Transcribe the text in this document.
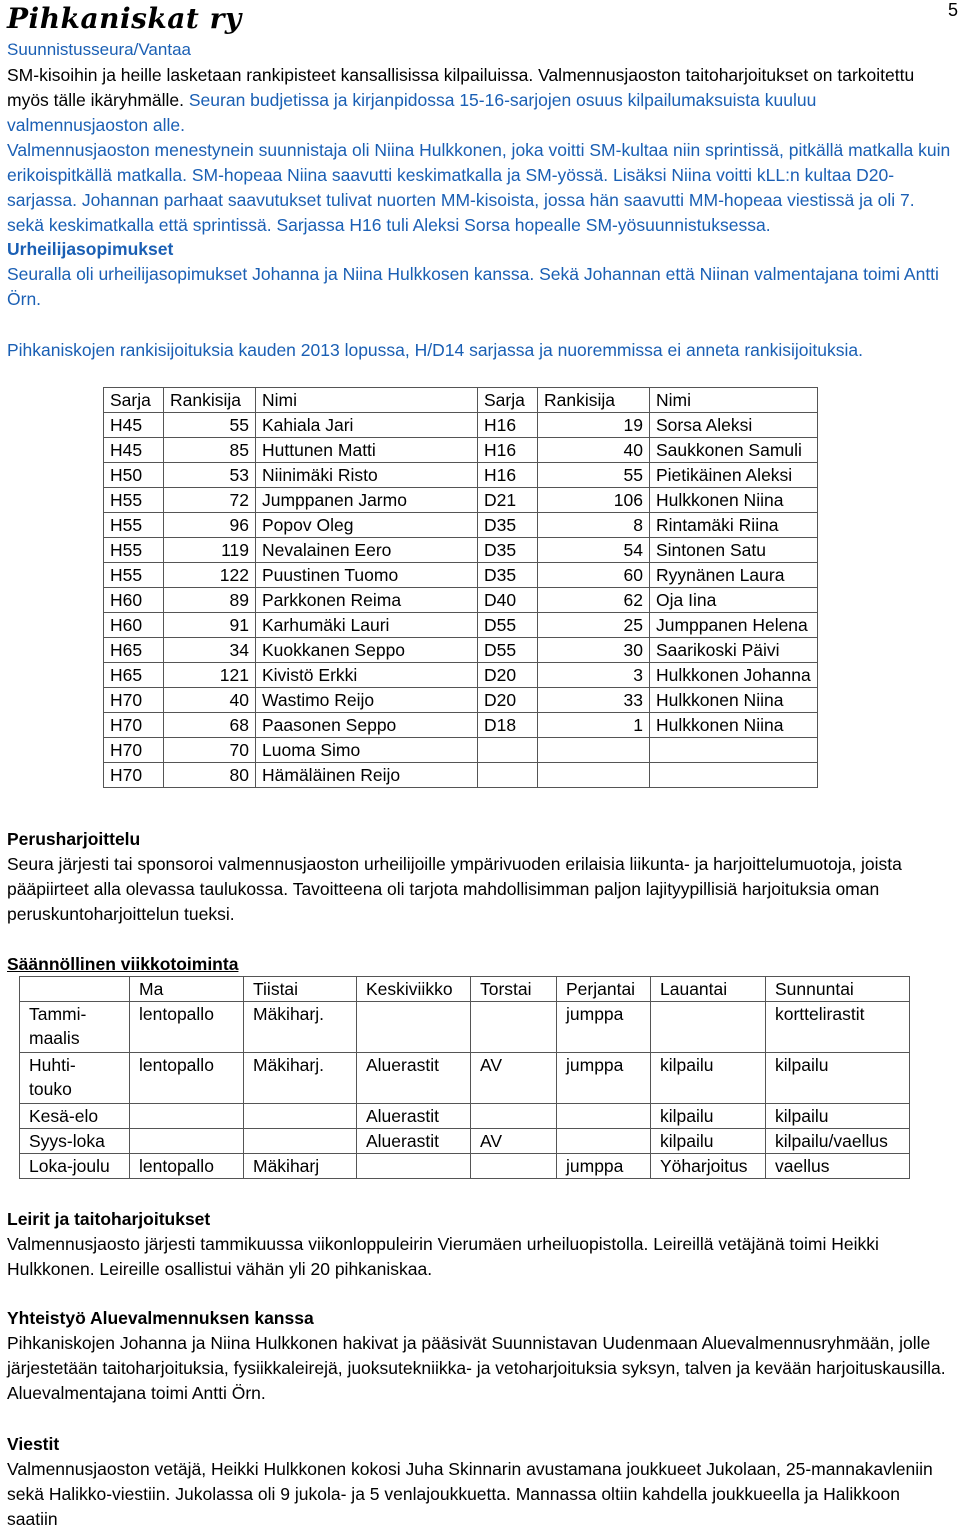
Pihkaniskat ry
Suunnistusseura/Vantaa
5

SM-kisoihin ja heille lasketaan rankipisteet kansallisissa kilpailuissa. Valmennusjaoston taitoharjoitukset on tarkoitettu myös tälle ikäryhmälle. Seuran budjetissa ja kirjanpidossa 15-16-sarjojen osuus kilpailumaksuista kuuluu valmennusjaoston alle.

Valmennusjaoston menestynein suunnistaja oli Niina Hulkkonen, joka voitti SM-kultaa niin sprintissä, pitkällä matkalla kuin erikoispitkällä matkalla. SM-hopeaa Niina saavutti keskimatkalla ja SM-yössä. Lisäksi Niina voitti kLL:n kultaa D20-sarjassa. Johannan parhaat saavutukset tulivat nuorten MM-kisoista, jossa hän saavutti MM-hopeaa viestissä ja oli 7. sekä keskimatkalla että sprintissä. Sarjassa H16 tuli Aleksi Sorsa hopealle SM-yösuunnistuksessa.

Urheilijasopimukset

Seuralla oli urheilijasopimukset Johanna ja Niina Hulkkosen kanssa. Sekä Johannan että Niinan valmentajana toimi Antti Örn.

Pihkaniskojen rankisijoituksia kauden 2013 lopussa, H/D14 sarjassa ja nuoremmissa ei anneta rankisijoituksia.
Sarja	Rankisija	Nimi	Sarja	Rankisija	Nimi
H45	55	Kahiala Jari	H16	19	Sorsa Aleksi
H45	85	Huttunen Matti	H16	40	Saukkonen Samuli
H50	53	Niinimäki Risto	H16	55	Pietikäinen Aleksi
H55	72	Jumppanen Jarmo	D21	106	Hulkkonen Niina
H55	96	Popov Oleg	D35	8	Rintamäki Riina
H55	119	Nevalainen Eero	D35	54	Sintonen Satu
H55	122	Puustinen Tuomo	D35	60	Ryynänen Laura
H60	89	Parkkonen Reima	D40	62	Oja Iina
H60	91	Karhumäki Lauri	D55	25	Jumppanen Helena
H65	34	Kuokkanen Seppo	D55	30	Saarikoski Päivi
H65	121	Kivistö Erkki	D20	3	Hulkkonen Johanna
H70	40	Wastimo Reijo	D20	33	Hulkkonen Niina
H70	68	Paasonen Seppo	D18	1	Hulkkonen Niina
H70	70	Luoma Simo			
H70	80	Hämäläinen Reijo			

Perusharjoittelu

Seura järjesti tai sponsoroi valmennusjaoston urheilijoille ympärivuoden erilaisia liikunta- ja harjoittelumuotoja, joista pääpiirteet alla olevassa taulukossa. Tavoitteena oli tarjota mahdollisimman paljon lajityypillisiä harjoituksia oman peruskuntoharjoittelun tueksi.

Säännöllinen viikkotoiminta

	Ma	Tiistai	Keskiviikko	Torstai	Perjantai	Lauantai	Sunnuntai
Tammi-
maalis	lentopallo	Mäkiharj.			jumppa		korttelirastit
Huhti-
touko	lentopallo	Mäkiharj.	Aluerastit	AV	jumppa	kilpailu	kilpailu
Kesä-elo			Aluerastit			kilpailu	kilpailu
Syys-loka			Aluerastit	AV		kilpailu	kilpailu/vaellus
Loka-joulu	lentopallo	Mäkiharj			jumppa	Yöharjoitus	vaellus

Leirit ja taitoharjoitukset

Valmennusjaosto järjesti tammikuussa viikonloppuleirin Vierumäen urheiluopistolla. Leireillä vetäjänä toimi Heikki Hulkkonen. Leireille osallistui vähän yli 20 pihkaniskaa.

Yhteistyö Aluevalmennuksen kanssa

Pihkaniskojen Johanna ja Niina Hulkkonen hakivat ja pääsivät Suunnistavan Uudenmaan Aluevalmennusryhmään, jolle järjestetään taitoharjoituksia, fysiikkaleirejä, juoksutekniikka- ja vetoharjoituksia syksyn, talven ja kevään harjoituskausilla. Aluevalmentajana toimi Antti Örn.

Viestit

Valmennusjaoston vetäjä, Heikki Hulkkonen kokosi Juha Skinnarin avustamana joukkueet Jukolaan, 25-mannakavleniin sekä Halikko-viestiin. Jukolassa oli 9 jukola- ja 5 venlajoukkuetta. Mannassa oltiin kahdella joukkueella ja Halikkoon saatiin
